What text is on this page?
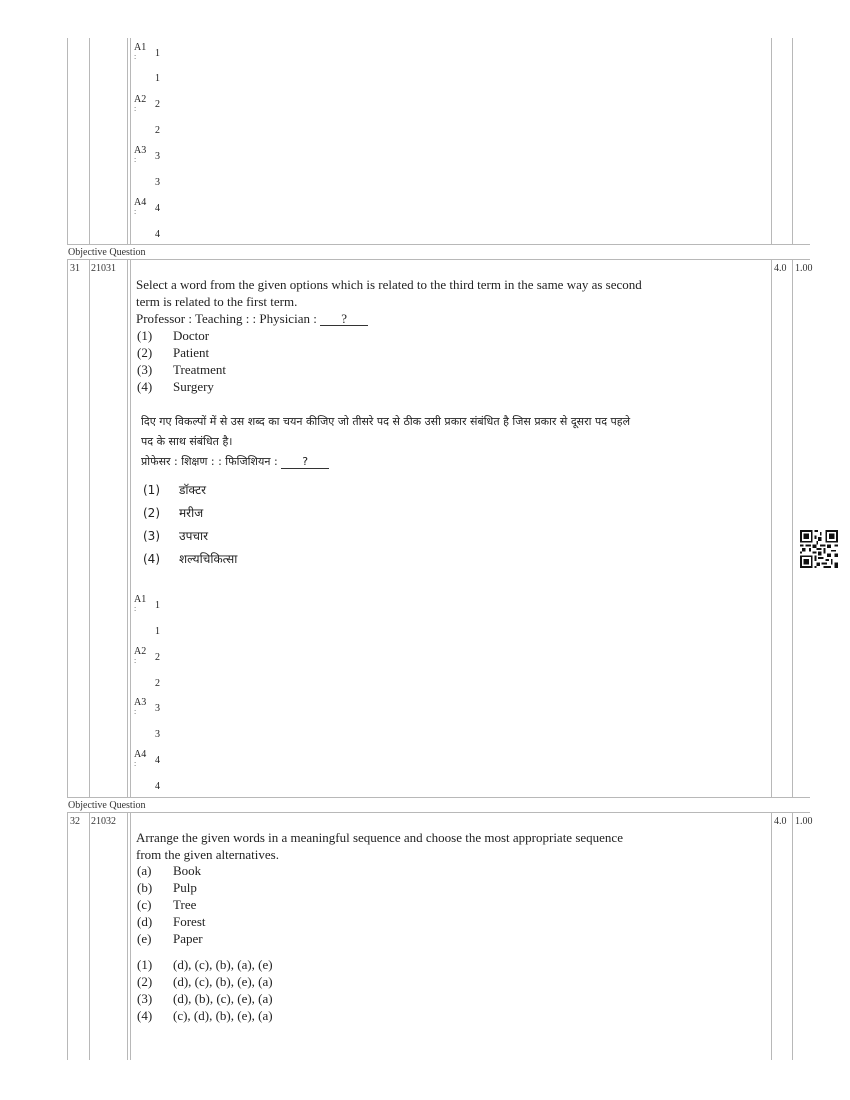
A1
:	1
1
A2
:	2
2
A3
:	3
3
A4
:	4
4
Objective Question
31 21031	4.0 1.00
Select a word from the given options which is related to the third term in the same way as second
term is related to the first term.
Professor : Teaching : : Physician : ?
(1) Doctor
(2) Patient
(3) Treatment
(4) Surgery
दिए गए विकल्पों में से उस शब्द का चयन कीजिए जो तीसरे पद से ठीक उसी प्रकार संबंधित है जिस प्रकार से दूसरा पद पहले
पद के साथ संबंधित है।
प्रोफेसर : शिक्षण : : फिजिशियन : ?
(1) डॉक्टर
(2) मरीज
(3) उपचार
(4) शल्यचिकित्सा
A1
:	1
1
A2
:	2
2
A3
:	3
3
A4
:	4
4
Objective Question
32 21032	4.0 1.00
Arrange the given words in a meaningful sequence and choose the most appropriate sequence
from the given alternatives.
(a) Book
(b) Pulp
(c) Tree
(d) Forest
(e) Paper
(1) (d), (c), (b), (a), (e)
(2) (d), (c), (b), (e), (a)
(3) (d), (b), (c), (e), (a)
(4) (c), (d), (b), (e), (a)
